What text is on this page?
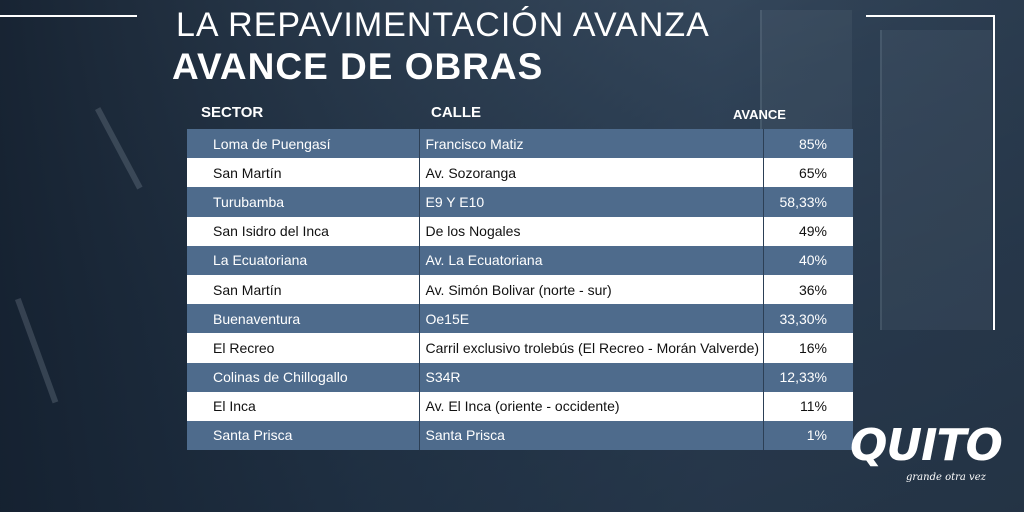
LA REPAVIMENTACIÓN AVANZA
AVANCE DE OBRAS
SECTOR	CALLE	AVANCE
Loma de Puengasí	Francisco Matiz	85%
San Martín	Av. Sozoranga	65%
Turubamba	E9 Y E10	58,33%
San Isidro del Inca	De los Nogales	49%
La Ecuatoriana	Av. La Ecuatoriana	40%
San Martín	Av. Simón Bolivar (norte - sur)	36%
Buenaventura	Oe15E	33,30%
El Recreo	Carril exclusivo trolebús (El Recreo - Morán Valverde)	16%
Colinas de Chillogallo	S34R	12,33%
El Inca	Av. El Inca (oriente - occidente)	11%
Santa Prisca	Santa Prisca	1% QUITO
grande otra vez
